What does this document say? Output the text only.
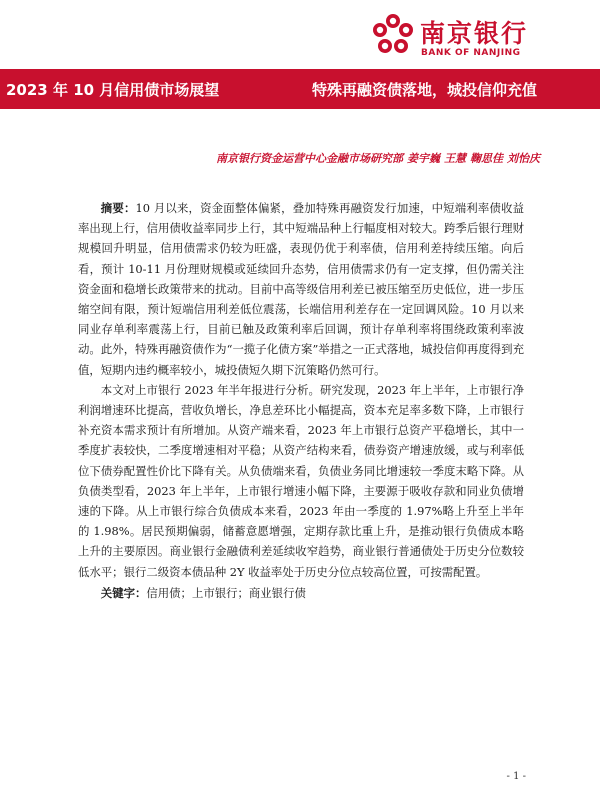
南京银行
BANK OF NANJING
2023 年 10 月信用债市场展望	特殊再融资债落地，城投信仰充值
南京银行资金运营中心金融市场研究部 姜宇巍 王慧 鞠思佳 刘怡庆

摘要：10 月以来，资金面整体偏紧，叠加特殊再融资发行加速，中短端利率债收益率出现上行，信用债收益率同步上行，其中短端品种上行幅度相对较大。跨季后银行理财规模回升明显，信用债需求仍较为旺盛，表现仍优于利率债，信用利差持续压缩。向后看，预计 10-11 月份理财规模或延续回升态势，信用债需求仍有一定支撑，但仍需关注资金面和稳增长政策带来的扰动。目前中高等级信用利差已被压缩至历史低位，进一步压缩空间有限，预计短端信用利差低位震荡，长端信用利差存在一定回调风险。10 月以来同业存单利率震荡上行，目前已触及政策利率后回调，预计存单利率将围绕政策利率波动。此外，特殊再融资债作为“一揽子化债方案”举措之一正式落地，城投信仰再度得到充值，短期内违约概率较小，城投债短久期下沉策略仍然可行。

本文对上市银行 2023 年半年报进行分析。研究发现，2023 年上半年，上市银行净利润增速环比提高，营收负增长，净息差环比小幅提高，资本充足率多数下降，上市银行补充资本需求预计有所增加。从资产端来看，2023 年上市银行总资产平稳增长，其中一季度扩表较快，二季度增速相对平稳；从资产结构来看，债券资产增速放缓，或与利率低位下债券配置性价比下降有关。从负债端来看，负债业务同比增速较一季度末略下降。从负债类型看，2023 年上半年，上市银行增速小幅下降，主要源于吸收存款和同业负债增速的下降。从上市银行综合负债成本来看，2023 年由一季度的 1.97%略上升至上半年的 1.98%。居民预期偏弱，储蓄意愿增强，定期存款比重上升，是推动银行负债成本略上升的主要原因。商业银行金融债利差延续收窄趋势，商业银行普通债处于历史分位数较低水平；银行二级资本债品种 2Y 收益率处于历史分位点较高位置，可按需配置。

关键字：信用债；上市银行；商业银行债

- 1 -
